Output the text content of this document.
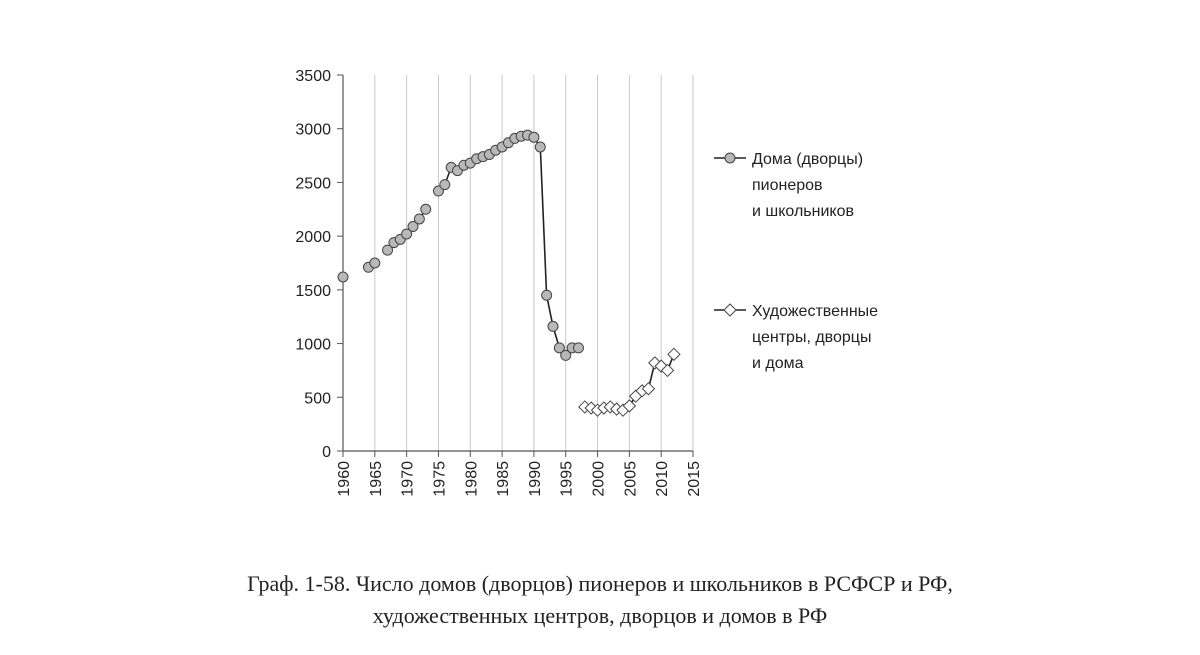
0
500
1000
1500
2000
2500
3000
3500
1960 1965 1970 1975 1980 1985 1990 1995 2000 2005 2010 2015
Дома (дворцы)
пионеров
и школьников
Художественные
центры, дворцы
и дома
Граф. 1-58. Число домов (дворцов) пионеров и школьников в РСФСР и РФ,
художественных центров, дворцов и домов в РФ
